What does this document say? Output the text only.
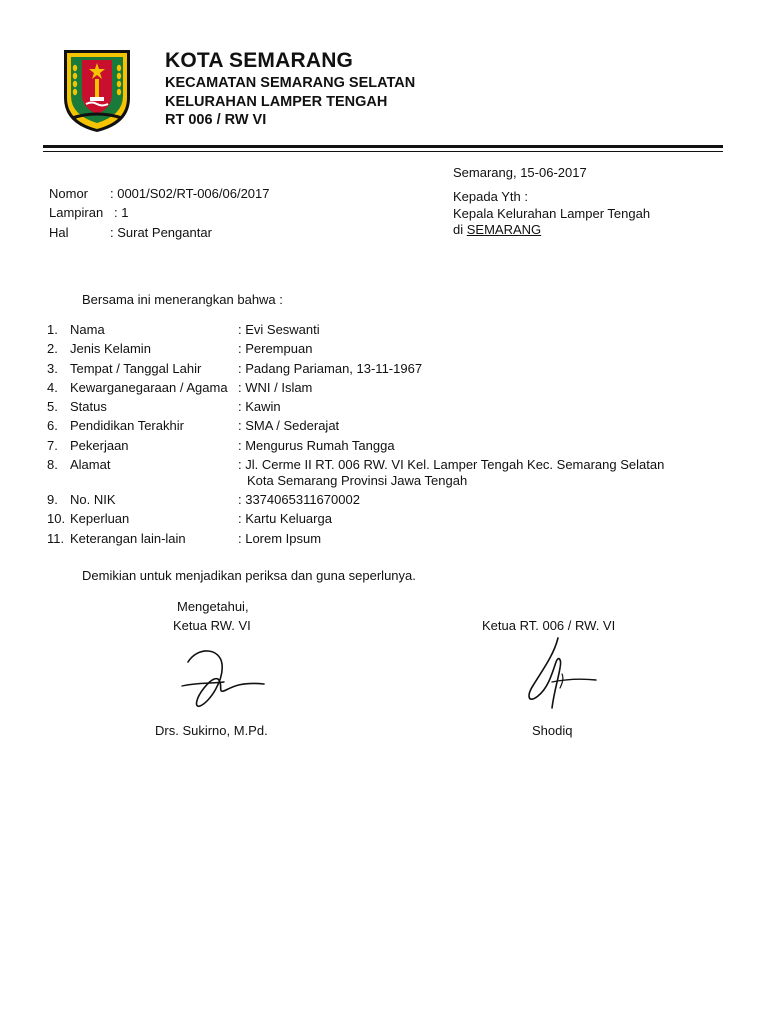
KOTA SEMARANG
KECAMATAN SEMARANG SELATAN
KELURAHAN LAMPER TENGAH
RT 006 / RW VI
Semarang, 15-06-2017
Nomor : 0001/S02/RT-006/06/2017
Lampiran : 1
Hal	: Surat Pengantar
Kepada Yth :
Kepala Kelurahan Lamper Tengah
di SEMARANG
Bersama ini menerangkan bahwa :
1. Nama	: Evi Seswanti
2. Jenis Kelamin	: Perempuan
3. Tempat / Tanggal Lahir	: Padang Pariaman, 13-11-1967
4. Kewarganegaraan / Agama : WNI / Islam
5. Status	: Kawin
6. Pendidikan Terakhir	: SMA / Sederajat
7. Pekerjaan	: Mengurus Rumah Tangga
8. Alamat	: Jl. Cerme II RT. 006 RW. VI Kel. Lamper Tengah Kec. Semarang Selatan
Kota Semarang Provinsi Jawa Tengah
9. No. NIK	: 3374065311670002
10. Keperluan	: Kartu Keluarga
11. Keterangan lain-lain	: Lorem Ipsum
Demikian untuk menjadikan periksa dan guna seperlunya.
Mengetahui,
Ketua RW. VI	Ketua RT. 006 / RW. VI
Drs. Sukirno, M.Pd.	Shodiq
